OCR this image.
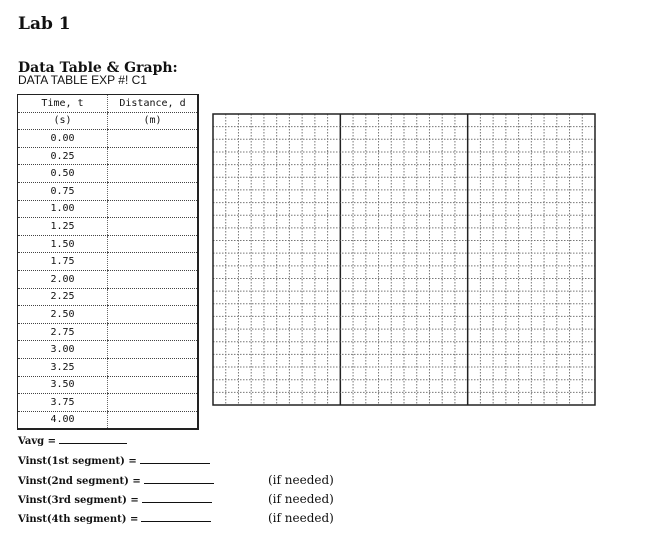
Lab 1
Data Table & Graph:
DATA TABLE EXP #! C1
Time, t	Distance, d
(s)	(m)
0.00	
0.25	
0.50	
0.75	
1.00	
1.25	
1.50	
1.75	
2.00	
2.25	
2.50	
2.75	
3.00	
3.25	
3.50	
3.75	
4.00	
Vavg =
Vinst(1st segment) =
Vinst(2nd segment) =	(if needed)
Vinst(3rd segment) =	(if needed)
Vinst(4th segment) =	(if needed)
